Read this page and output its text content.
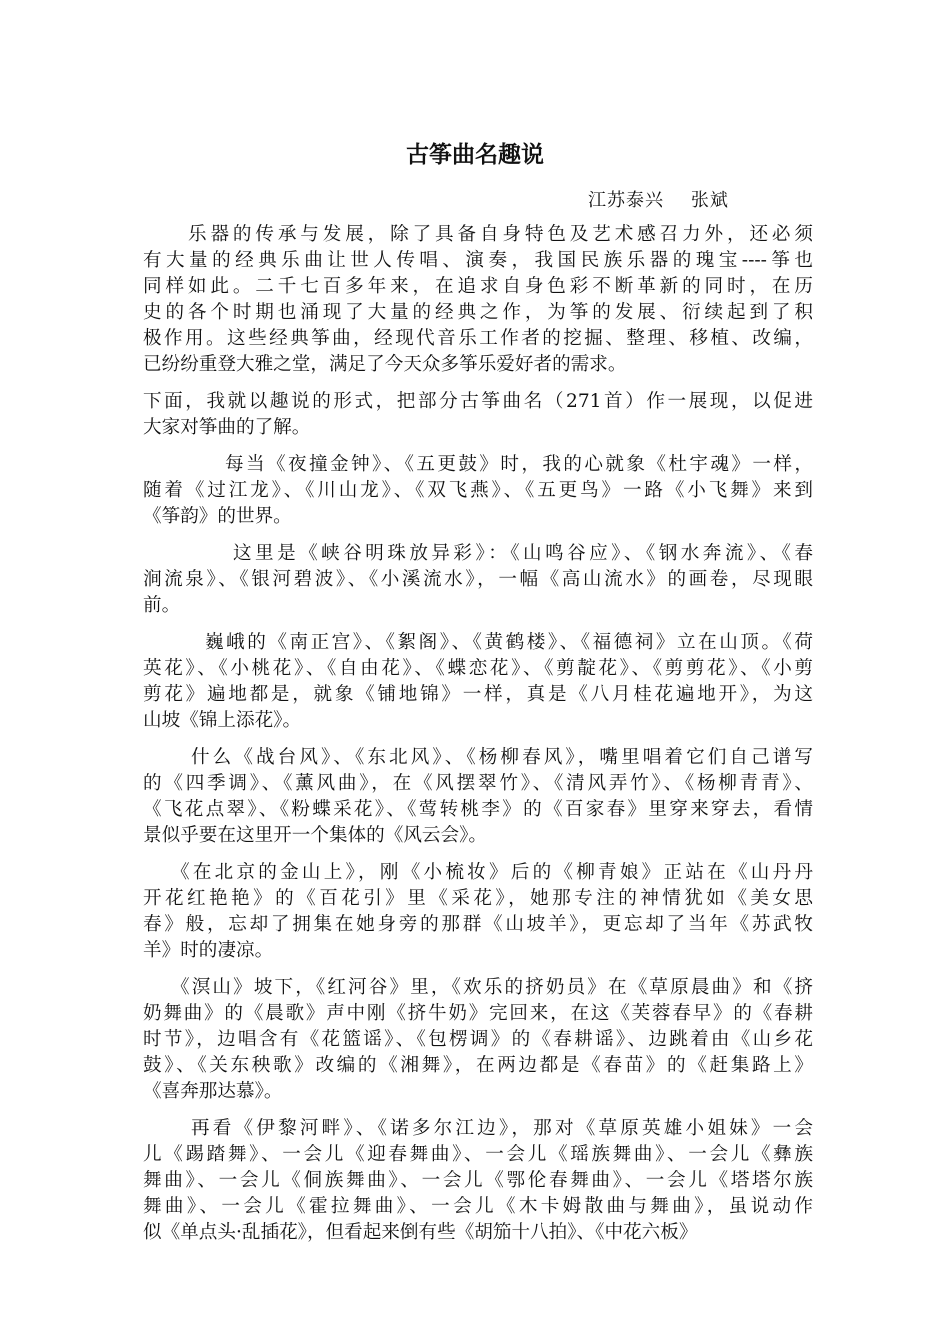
古筝曲名趣说
江苏泰兴    张斌
乐器的传承与发展，除了具备自身特色及艺术感召力外，还必须
有大量的经典乐曲让世人传唱、演奏，我国民族乐器的瑰宝----筝也
同样如此。二千七百多年来，在追求自身色彩不断革新的同时，在历
史的各个时期也涌现了大量的经典之作，为筝的发展、衍续起到了积
极作用。这些经典筝曲，经现代音乐工作者的挖掘、整理、移植、改编，
已纷纷重登大雅之堂，满足了今天众多筝乐爱好者的需求。
下面，我就以趣说的形式，把部分古筝曲名（271首）作一展现，以促进
大家对筝曲的了解。
每当《夜撞金钟》、《五更鼓》时，我的心就象《杜宇魂》一样，
随着《过江龙》、《川山龙》、《双飞燕》、《五更鸟》一路《小飞舞》来到
《筝韵》的世界。
这里是《峡谷明珠放异彩》：《山鸣谷应》、《钢水奔流》、《春
涧流泉》、《银河碧波》、《小溪流水》，一幅《高山流水》的画卷，尽现眼
前。
巍峨的《南正宫》、《絮阁》、《黄鹤楼》、《福德祠》立在山顶。《荷
英花》、《小桃花》、《自由花》、《蝶恋花》、《剪靛花》、《剪剪花》、《小剪
剪花》遍地都是，就象《铺地锦》一样，真是《八月桂花遍地开》，为这
山坡《锦上添花》。
什么《战台风》、《东北风》、《杨柳春风》，嘴里唱着它们自己谱写
的《四季调》、《薰风曲》，在《风摆翠竹》、《清风弄竹》、《杨柳青青》、
《飞花点翠》、《粉蝶采花》、《莺转桃李》的《百家春》里穿来穿去，看情
景似乎要在这里开一个集体的《风云会》。
《在北京的金山上》，刚《小梳妆》后的《柳青娘》正站在《山丹丹
开花红艳艳》的《百花引》里《采花》，她那专注的神情犹如《美女思
春》般，忘却了拥集在她身旁的那群《山坡羊》，更忘却了当年《苏武牧
羊》时的凄凉。
《溟山》坡下，《红河谷》里，《欢乐的挤奶员》在《草原晨曲》和《挤
奶舞曲》的《晨歌》声中刚《挤牛奶》完回来，在这《芙蓉春早》的《春耕
时节》，边唱含有《花篮谣》、《包楞调》的《春耕谣》、边跳着由《山乡花
鼓》、《关东秧歌》改编的《湘舞》，在两边都是《春苗》的《赶集路上》
《喜奔那达慕》。
再看《伊黎河畔》、《诺多尔江边》，那对《草原英雄小姐妹》一会
儿《踢踏舞》、一会儿《迎春舞曲》、一会儿《瑶族舞曲》、一会儿《彝族
舞曲》、一会儿《侗族舞曲》、一会儿《鄂伦春舞曲》、一会儿《塔塔尔族
舞曲》、一会儿《霍拉舞曲》、一会儿《木卡姆散曲与舞曲》，虽说动作
似《单点头·乱插花》，但看起来倒有些《胡笳十八拍》、《中花六板》
